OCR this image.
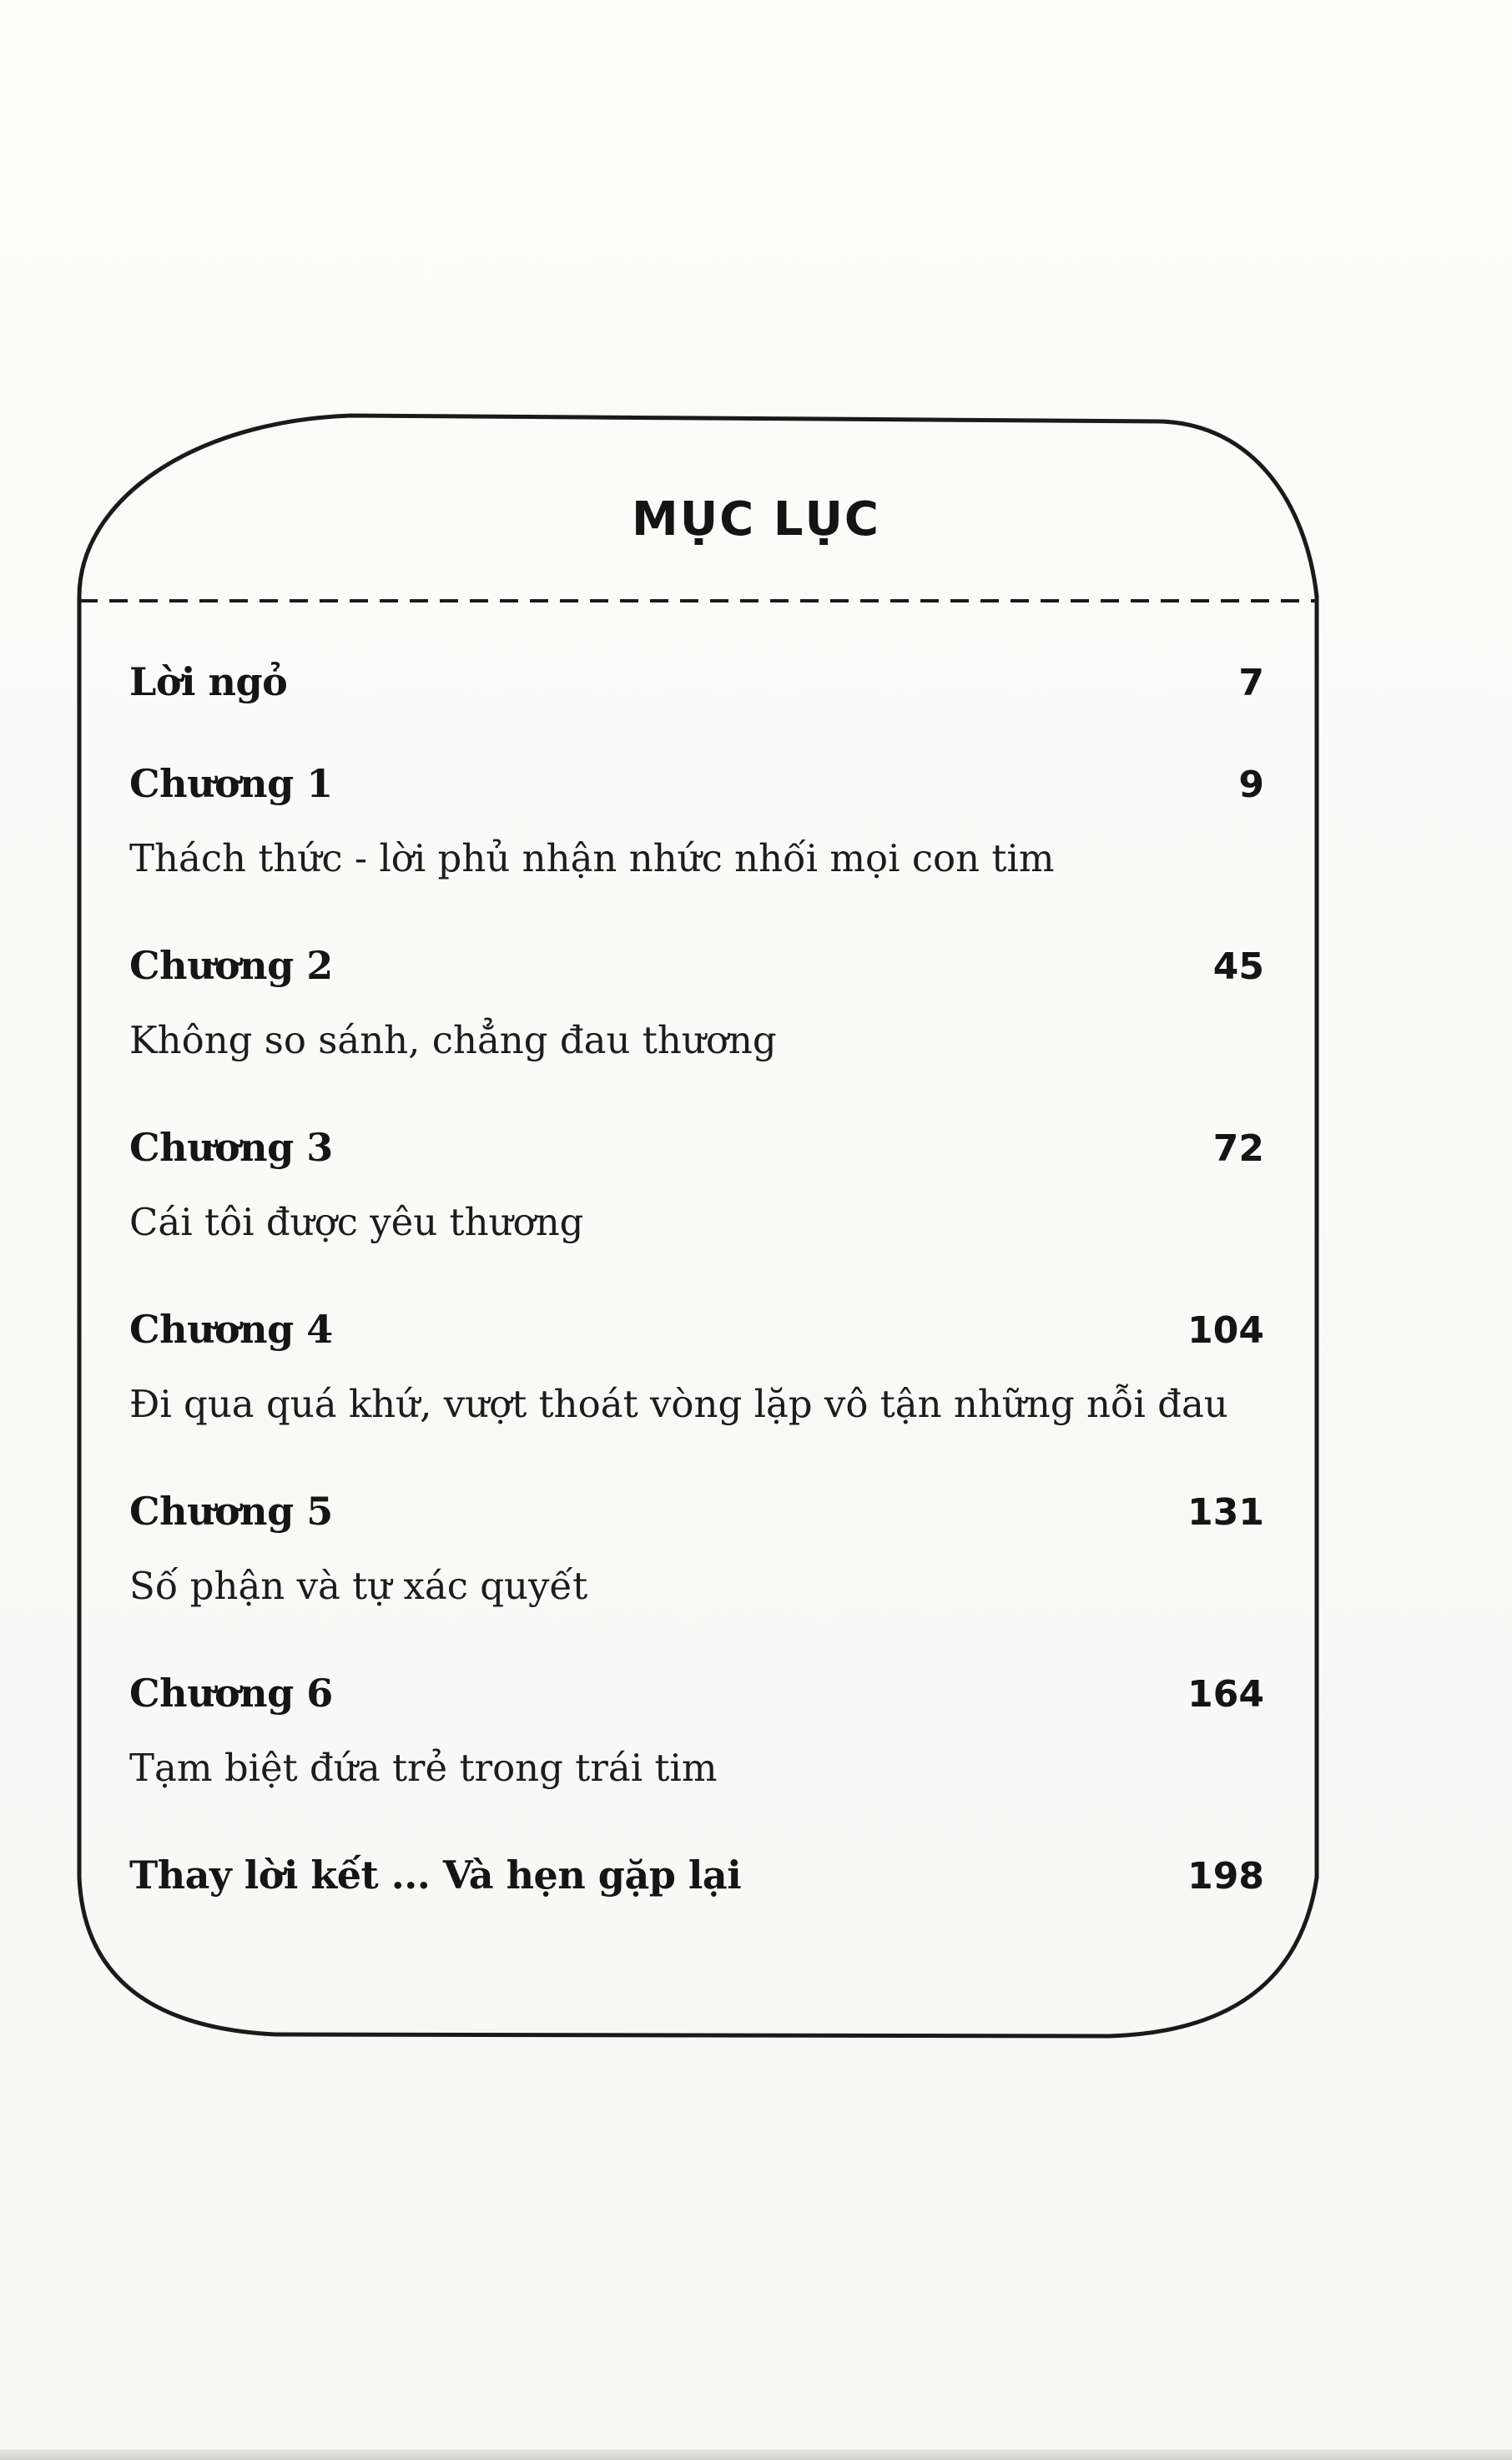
MỤC LỤC
Lời ngỏ	7
Chương 1	9
Thách thức - lời phủ nhận nhức nhối mọi con tim
Chương 2	45
Không so sánh, chẳng đau thương
Chương 3	72
Cái tôi được yêu thương
Chương 4	104
Đi qua quá khứ, vượt thoát vòng lặp vô tận những nỗi đau
Chương 5	131
Số phận và tự xác quyết
Chương 6	164
Tạm biệt đứa trẻ trong trái tim
Thay lời kết ... Và hẹn gặp lại	198
